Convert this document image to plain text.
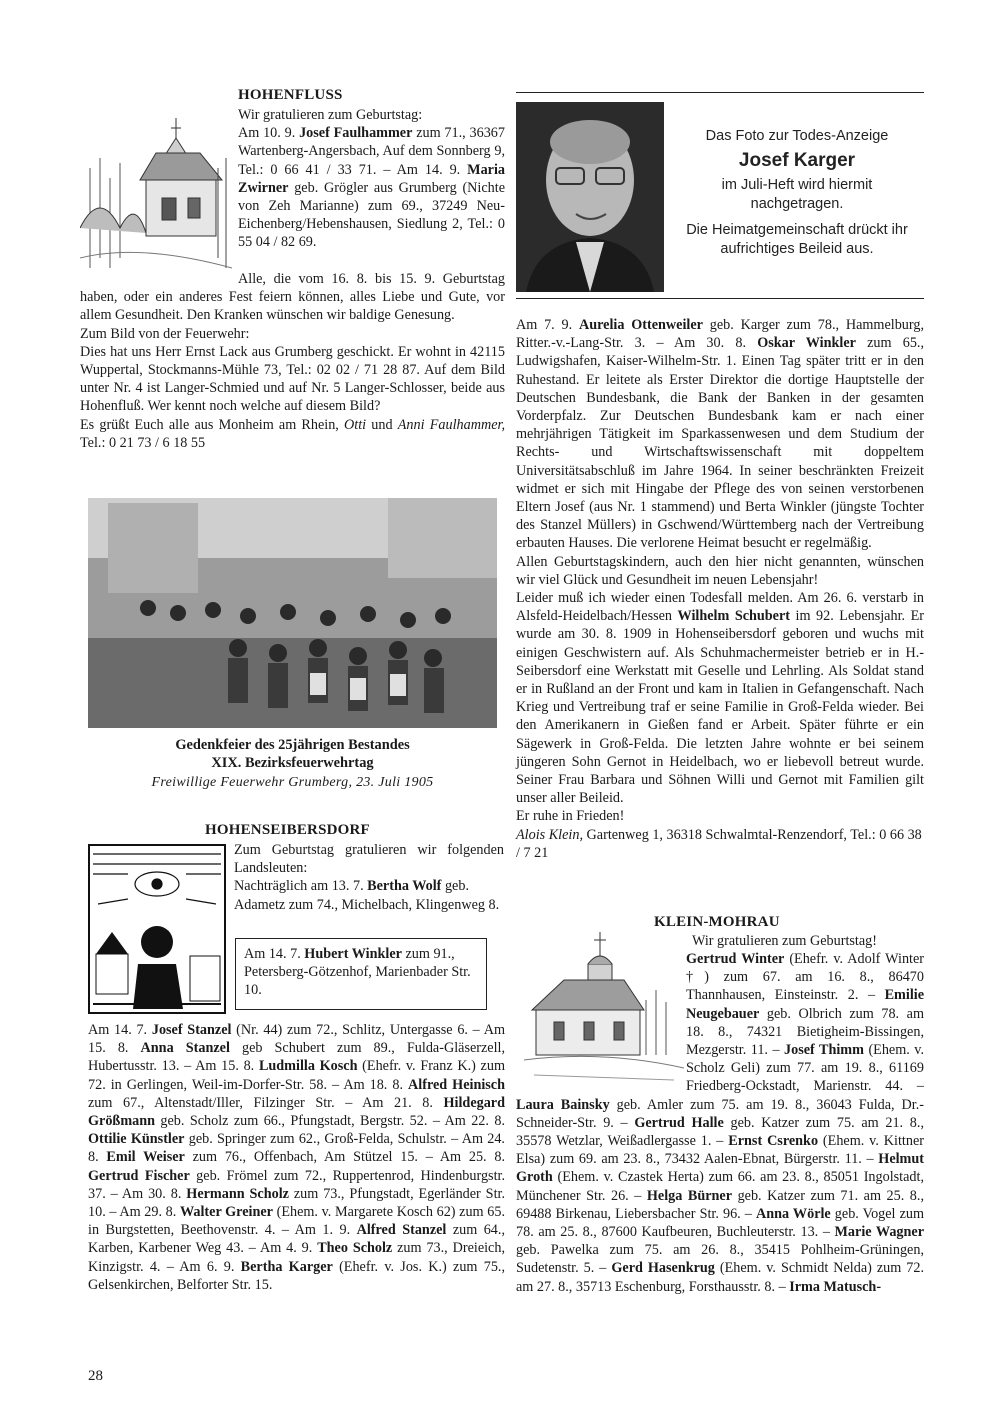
HOHENFLUSS

Wir gratulieren zum Geburtstag:

Am 10. 9. Josef Faulhammer zum 71., 36367 Wartenberg-Angersbach, Auf dem Sonnberg 9, Tel.: 0 66 41 / 33 71. – Am 14. 9. Maria Zwirner geb. Grögler aus Grumberg (Nichte von Zeh Marianne) zum 69., 37249 Neu-Eichenberg/Hebenshausen, Siedlung 2, Tel.: 0 55 04 / 82 69.

Alle, die vom 16. 8. bis 15. 9. Geburtstag haben, oder ein anderes Fest feiern können, alles Liebe und Gute, vor allem Gesundheit. Den Kranken wünschen wir baldige Genesung.

Zum Bild von der Feuerwehr:

Dies hat uns Herr Ernst Lack aus Grumberg geschickt. Er wohnt in 42115 Wuppertal, Stockmanns-Mühle 73, Tel.: 02 02 / 71 28 87. Auf dem Bild unter Nr. 4 ist Langer-Schmied und auf Nr. 5 Langer-Schlosser, beide aus Hohenfluß. Wer kennt noch welche auf diesem Bild?

Es grüßt Euch alle aus Monheim am Rhein, Otti und Anni Faulhammer, Tel.: 0 21 73 / 6 18 55

Gedenkfeier des 25jährigen Bestandes
XIX. Bezirksfeuerwehrtag
Freiwillige Feuerwehr Grumberg, 23. Juli 1905
HOHENSEIBERSDORF

Zum Geburtstag gratulieren wir folgenden Landsleuten:

Nachträglich am 13. 7. Bertha Wolf geb. Adametz zum 74., Michelbach, Klingenweg 8.

Am 14. 7. Hubert Winkler zum 91., Petersberg-Götzenhof, Marienbader Str. 10.

Am 14. 7. Josef Stanzel (Nr. 44) zum 72., Schlitz, Untergasse 6. – Am 15. 8. Anna Stanzel geb Schubert zum 89., Fulda-Gläserzell, Hubertusstr. 13. – Am 15. 8. Ludmilla Kosch (Ehefr. v. Franz K.) zum 72. in Gerlingen, Weil-im-Dorfer-Str. 58. – Am 18. 8. Alfred Heinisch zum 67., Altenstadt/Iller, Filzinger Str. – Am 21. 8. Hildegard Größmann geb. Scholz zum 66., Pfungstadt, Bergstr. 52. – Am 22. 8. Ottilie Künstler geb. Springer zum 62., Groß-Felda, Schulstr. – Am 24. 8. Emil Weiser zum 76., Offenbach, Am Stützel 15. – Am 25. 8. Gertrud Fischer geb. Frömel zum 72., Ruppertenrod, Hindenburgstr. 37. – Am 30. 8. Hermann Scholz zum 73., Pfungstadt, Egerländer Str. 10. – Am 29. 8. Walter Greiner (Ehem. v. Margarete Kosch 62) zum 65. in Burgstetten, Beethovenstr. 4. – Am 1. 9. Alfred Stanzel zum 64., Karben, Karbener Weg 43. – Am 4. 9. Theo Scholz zum 73., Dreieich, Kinzigstr. 4. – Am 6. 9. Bertha Karger (Ehefr. v. Jos. K.) zum 75., Gelsenkirchen, Belforter Str. 15.

28
Das Foto zur Todes-Anzeige
Josef Karger
im Juli-Heft wird hiermit nachgetragen.
Die Heimatgemeinschaft drückt ihr aufrichtiges Beileid aus.

Am 7. 9. Aurelia Ottenweiler geb. Karger zum 78., Hammelburg, Ritter.-v.-Lang-Str. 3. – Am 30. 8. Oskar Winkler zum 65., Ludwigshafen, Kaiser-Wilhelm-Str. 1. Einen Tag später tritt er in den Ruhestand. Er leitete als Erster Direktor die dortige Hauptstelle der Deutschen Bundesbank, die Bank der Banken in der gesamten Vorderpfalz. Zur Deutschen Bundesbank kam er nach einer mehrjährigen Tätigkeit im Sparkassenwesen und dem Studium der Rechts- und Wirtschaftswissenschaft mit doppeltem Universitätsabschluß im Jahre 1964. In seiner beschränkten Freizeit widmet er sich mit Hingabe der Pflege des von seinen verstorbenen Eltern Josef (aus Nr. 1 stammend) und Berta Winkler (jüngste Tochter des Stanzel Müllers) in Gschwend/Württemberg nach der Vertreibung erbauten Hauses. Die verlorene Heimat besucht er regelmäßig.

Allen Geburtstagskindern, auch den hier nicht genannten, wünschen wir viel Glück und Gesundheit im neuen Lebensjahr!

Leider muß ich wieder einen Todesfall melden. Am 26. 6. verstarb in Alsfeld-Heidelbach/Hessen Wilhelm Schubert im 92. Lebensjahr. Er wurde am 30. 8. 1909 in Hohenseibersdorf geboren und wuchs mit einigen Geschwistern auf. Als Schuhmachermeister betrieb er in H.-Seibersdorf eine Werkstatt mit Geselle und Lehrling. Als Soldat stand er in Rußland an der Front und kam in Italien in Gefangenschaft. Nach Krieg und Vertreibung traf er seine Familie in Groß-Felda wieder. Bei den Amerikanern in Gießen fand er Arbeit. Später führte er ein Sägewerk in Groß-Felda. Die letzten Jahre wohnte er bei seinem jüngeren Sohn Gernot in Heidelbach, wo er liebevoll betreut wurde. Seiner Frau Barbara und Söhnen Willi und Gernot mit Familien gilt unser aller Beileid.

Er ruhe in Frieden!

Alois Klein, Gartenweg 1, 36318 Schwalmtal-Renzendorf, Tel.: 0 66 38 / 7 21

KLEIN-MOHRAU
Wir gratulieren zum Geburtstag!

Gertrud Winter (Ehefr. v. Adolf Winter †) zum 67. am 16. 8., 86470 Thannhausen, Einsteinstr. 2. – Emilie Neugebauer geb. Olbrich zum 78. am 18. 8., 74321 Bietigheim-Bissingen, Mezgerstr. 11. – Josef Thimm (Ehem. v. Scholz Geli) zum 77. am 19. 8., 61169 Friedberg-Ockstadt, Marienstr. 44. – Laura Bainsky geb. Amler zum 75. am 19. 8., 36043 Fulda, Dr.-Schneider-Str. 9. – Gertrud Halle geb. Katzer zum 75. am 21. 8., 35578 Wetzlar, Weißadlergasse 1. – Ernst Csrenko (Ehem. v. Kittner Elsa) zum 69. am 23. 8., 73432 Aalen-Ebnat, Bürgerstr. 11. – Helmut Groth (Ehem. v. Czastek Herta) zum 66. am 23. 8., 85051 Ingolstadt, Münchener Str. 26. – Helga Bürner geb. Katzer zum 71. am 25. 8., 69488 Birkenau, Liebersbacher Str. 96. – Anna Wörle geb. Vogel zum 78. am 25. 8., 87600 Kaufbeuren, Buchleuterstr. 13. – Marie Wagner geb. Pawelka zum 75. am 26. 8., 35415 Pohlheim-Grüningen, Sudetenstr. 5. – Gerd Hasenkrug (Ehem. v. Schmidt Nelda) zum 72. am 27. 8., 35713 Eschenburg, Forsthausstr. 8. – Irma Matusch-
